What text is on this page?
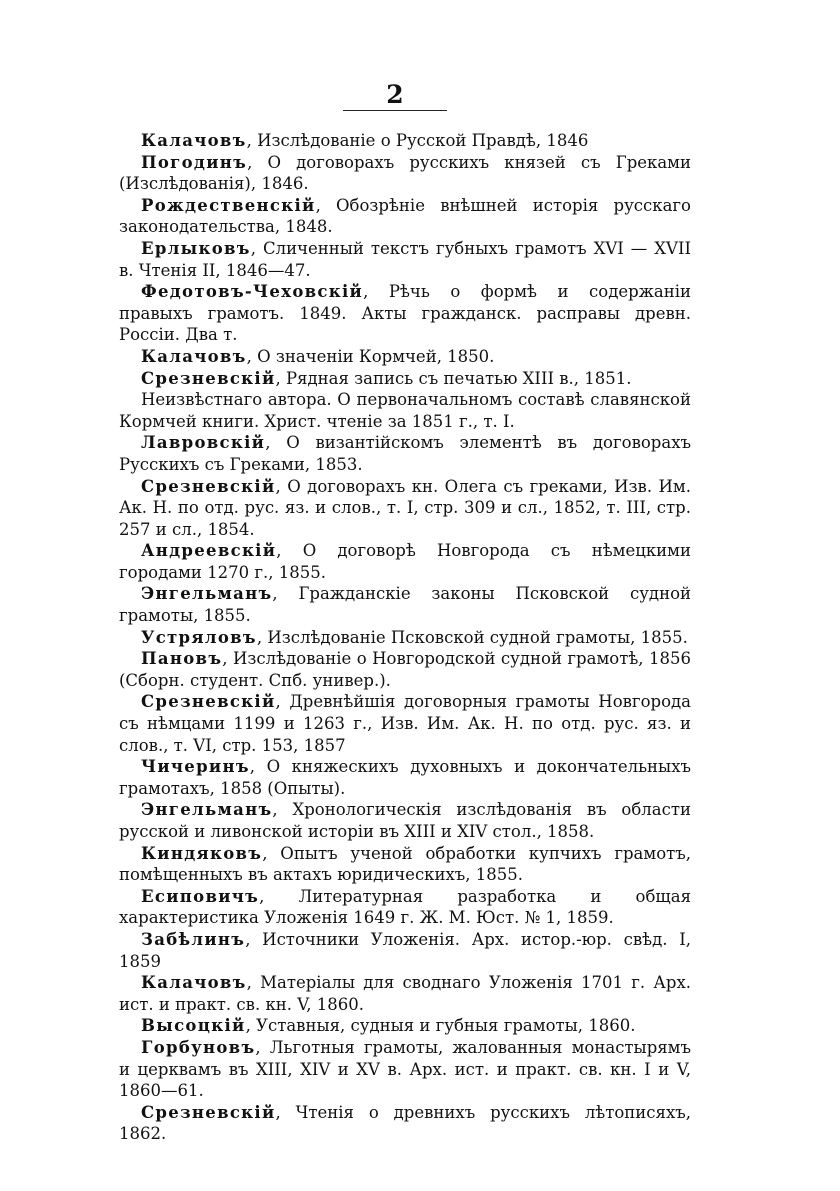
2

Калачовъ, Изслѣдованіе о Русской Правдѣ, 1846

Погодинъ, О договорахъ русскихъ князей съ Греками (Изслѣдованія), 1846.

Рождественскій, Обозрѣніе внѣшней исторія русскаго законодательства, 1848.

Ерлыковъ, Сличенный текстъ губныхъ грамотъ XVI — XVII в. Чтенія II, 1846—47.

Федотовъ-Чеховскій, Рѣчь о формѣ и содержаніи правыхъ грамотъ. 1849. Акты гражданск. расправы древн. Россіи. Два т.

Калачовъ, О значеніи Кормчей, 1850.

Срезневскій, Рядная запись съ печатью XIII в., 1851.

Неизвѣстнаго автора. О первоначальномъ составѣ славянской Кормчей книги. Христ. чтеніе за 1851 г., т. I.

Лавровскій, О византійскомъ элементѣ въ договорахъ Русскихъ съ Греками, 1853.

Срезневскій, О договорахъ кн. Олега съ греками, Изв. Им. Ак. Н. по отд. рус. яз. и слов., т. I, стр. 309 и сл., 1852, т. III, стр. 257 и сл., 1854.

Андреевскій, О договорѣ Новгорода съ нѣмецкими городами 1270 г., 1855.

Энгельманъ, Гражданскіе законы Псковской судной грамоты, 1855.

Устряловъ, Изслѣдованіе Псковской судной грамоты, 1855.

Пановъ, Изслѣдованіе о Новгородской судной грамотѣ, 1856 (Сборн. студент. Спб. универ.).

Срезневскій, Древнѣйшія договорныя грамоты Новгорода съ нѣмцами 1199 и 1263 г., Изв. Им. Ак. Н. по отд. рус. яз. и слов., т. VI, стр. 153, 1857

Чичеринъ, О княжескихъ духовныхъ и докончательныхъ грамотахъ, 1858 (Опыты).

Энгельманъ, Хронологическія изслѣдованія въ области русской и ливонской исторіи въ XIII и XIV стол., 1858.

Киндяковъ, Опытъ ученой обработки купчихъ грамотъ, помѣщенныхъ въ актахъ юридическихъ, 1855.

Есиповичъ, Литературная разработка и общая характеристика Уложенія 1649 г. Ж. М. Юст. № 1, 1859.

Забѣлинъ, Источники Уложенія. Арх. истор.-юр. свѣд. I, 1859

Калачовъ, Матеріалы для своднаго Уложенія 1701 г. Арх. ист. и практ. св. кн. V, 1860.

Высоцкій, Уставныя, судныя и губныя грамоты, 1860.

Горбуновъ, Льготныя грамоты, жалованныя монастырямъ и церквамъ въ XIII, XIV и XV в. Арх. ист. и практ. св. кн. I и V, 1860—61.

Срезневскій, Чтенія о древнихъ русскихъ лѣтописяхъ, 1862.
